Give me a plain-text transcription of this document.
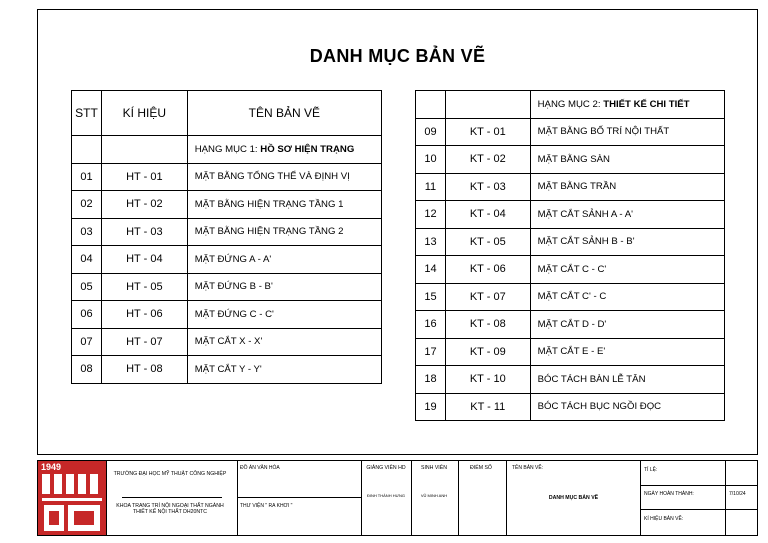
DANH MỤC BẢN VẼ
STT	KÍ HIỆU	TÊN BẢN VẼ
		HẠNG MỤC 1: HỒ SƠ HIỆN TRẠNG
01	HT - 01	MẶT BẰNG TỔNG THỂ VÀ ĐỊNH VỊ
02	HT - 02	MẶT BẰNG HIỆN TRẠNG TẦNG 1
03	HT - 03	MẶT BẰNG HIỆN TRẠNG TẦNG 2
04	HT - 04	MẶT ĐỨNG A - A'
05	HT - 05	MẶT ĐỨNG B - B'
06	HT - 06	MẶT ĐỨNG C - C'
07	HT - 07	MẶT CẮT X - X'
08	HT - 08	MẶT CẮT Y - Y'
		HẠNG MỤC 2: THIẾT KẾ CHI TIẾT
09	KT - 01	MẶT BẰNG BỐ TRÍ NỘI THẤT
10	KT - 02	MẶT BẰNG SÀN
11	KT - 03	MẶT BẰNG TRẦN
12	KT - 04	MẶT CẮT SẢNH A - A'
13	KT - 05	MẶT CẮT SẢNH B - B'
14	KT - 06	MẶT CẮT C - C'
15	KT - 07	MẶT CẮT C' - C
16	KT - 08	MẶT CẮT D - D'
17	KT - 09	MẶT CẮT E - E'
18	KT - 10	BÓC TÁCH BÀN LỄ TÂN
19	KT - 11	BÓC TÁCH BỤC NGỒI ĐỌC
1949
TRƯỜNG ĐẠI HỌC MỸ THUẬT CÔNG NGHIỆP
KHOA TRANG TRÍ NỘI NGOẠI THẤT NGÀNH THIẾT KẾ NỘI THẤT DH20NTC
ĐỒ ÁN VĂN HÓA
THƯ VIỆN " RA KHƠI "
GIẢNG VIÊN HD
ĐINH THÀNH HƯNG
SINH VIÊN
VŨ MINH ANH
ĐIỂM SỐ	TÊN BẢN VẼ:
DANH MỤC BẢN VẼ
TỈ LỆ:
NGÀY HOÀN THÀNH:
KÍ HIỆU BẢN VẼ:
7/10/24
